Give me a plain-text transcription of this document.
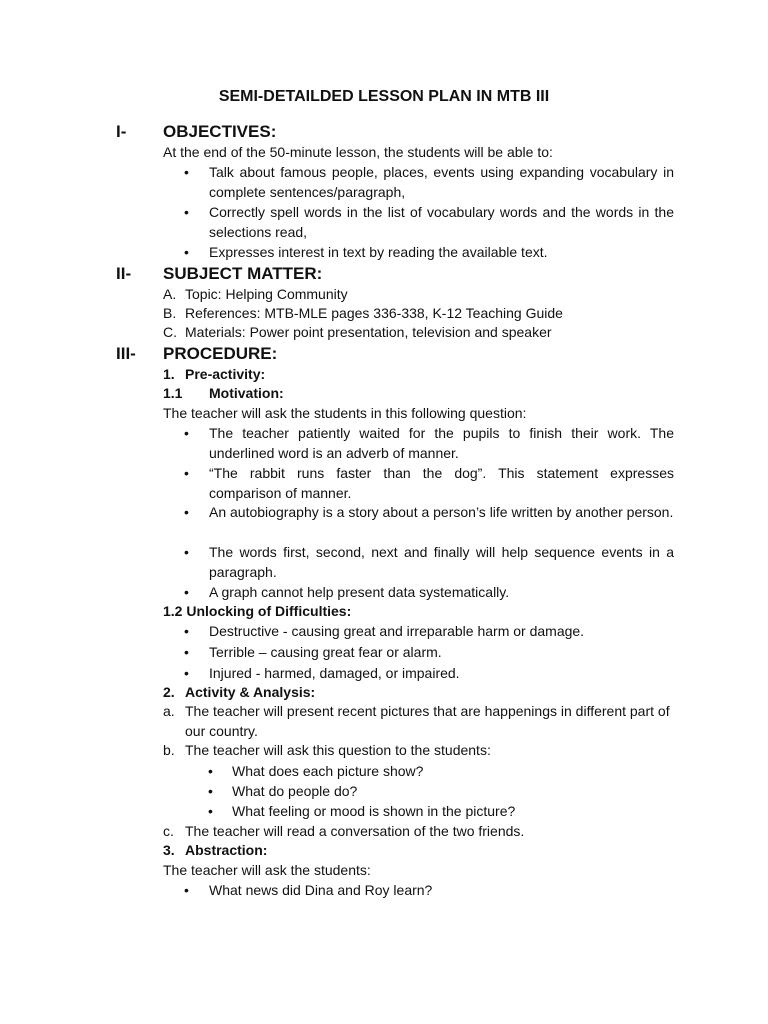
SEMI-DETAILDED LESSON PLAN IN MTB III
I- OBJECTIVES:
At the end of the 50-minute lesson, the students will be able to:
• Talk about famous people, places, events using expanding vocabulary in complete sentences/paragraph,
• Correctly spell words in the list of vocabulary words and the words in the selections read,
• Expresses interest in text by reading the available text.
II- SUBJECT MATTER:
A. Topic: Helping Community
B. References: MTB-MLE pages 336-338, K-12 Teaching Guide
C. Materials: Power point presentation, television and speaker
III- PROCEDURE:
1. Pre-activity:
1.1 Motivation:
The teacher will ask the students in this following question:
• The teacher patiently waited for the pupils to finish their work. The underlined word is an adverb of manner.
• “The rabbit runs faster than the dog”. This statement expresses comparison of manner.
• An autobiography is a story about a person’s life written by another person.
• The words first, second, next and finally will help sequence events in a paragraph.
• A graph cannot help present data systematically.
1.2 Unlocking of Difficulties:
• Destructive - causing great and irreparable harm or damage.
• Terrible – causing great fear or alarm.
• Injured - harmed, damaged, or impaired.
2. Activity & Analysis:
a. The teacher will present recent pictures that are happenings in different part of our country.
b. The teacher will ask this question to the students:
• What does each picture show?
• What do people do?
• What feeling or mood is shown in the picture?
c. The teacher will read a conversation of the two friends.
3. Abstraction:
The teacher will ask the students:
• What news did Dina and Roy learn?
